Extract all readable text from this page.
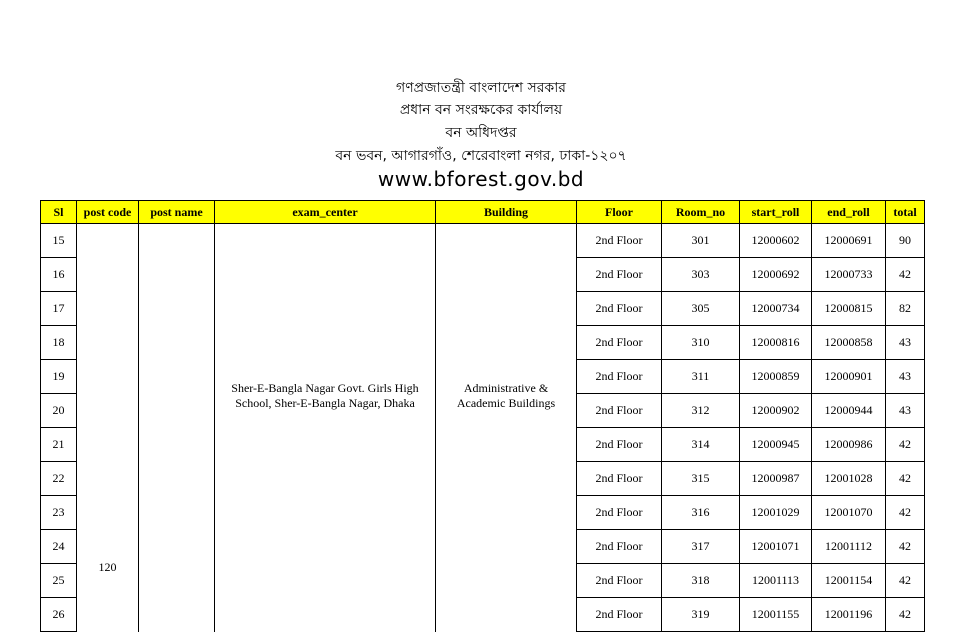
গণপ্রজাতন্ত্রী বাংলাদেশ সরকার
প্রধান বন সংরক্ষকের কার্যালয়
বন অধিদপ্তর
বন ভবন, আগারগাঁও, শেরেবাংলা নগর, ঢাকা-১২০৭
www.bforest.gov.bd
Sl	post code	post name	exam_center	Building	Floor	Room_no	start_roll	end_roll	total
15	120		Sher-E-Bangla Nagar Govt. Girls High School, Sher-E-Bangla Nagar, Dhaka	Administrative & Academic Buildings	2nd Floor	301	12000602	12000691	90
16					2nd Floor	303	12000692	12000733	42
17					2nd Floor	305	12000734	12000815	82
18					2nd Floor	310	12000816	12000858	43
19					2nd Floor	311	12000859	12000901	43
20					2nd Floor	312	12000902	12000944	43
21					2nd Floor	314	12000945	12000986	42
22					2nd Floor	315	12000987	12001028	42
23					2nd Floor	316	12001029	12001070	42
24					2nd Floor	317	12001071	12001112	42
25					2nd Floor	318	12001113	12001154	42
26					2nd Floor	319	12001155	12001196	42
